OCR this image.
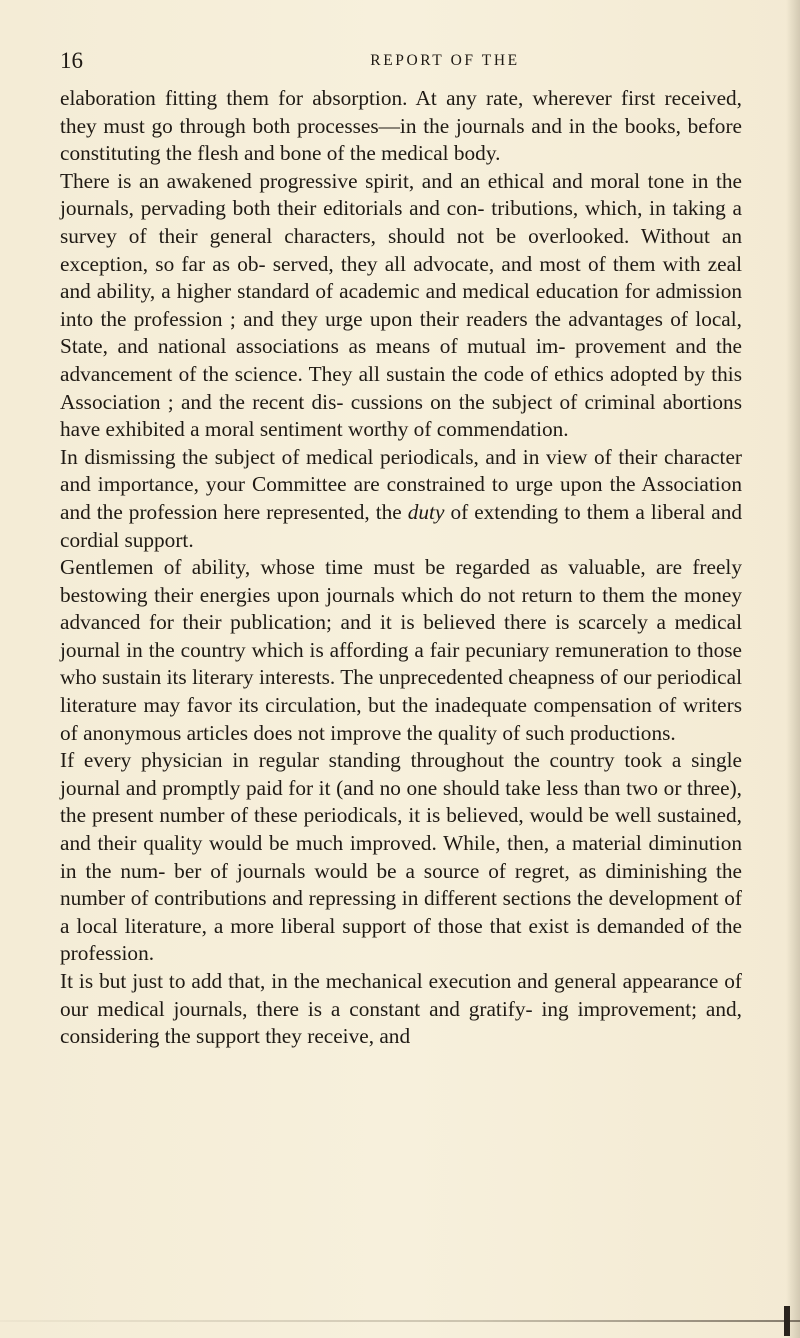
16	REPORT OF THE

elaboration fitting them for absorption. At any rate, wherever first received, they must go through both processes—in the journals and in the books, before constituting the flesh and bone of the medical body.

There is an awakened progressive spirit, and an ethical and moral tone in the journals, pervading both their editorials and con- tributions, which, in taking a survey of their general characters, should not be overlooked. Without an exception, so far as ob- served, they all advocate, and most of them with zeal and ability, a higher standard of academic and medical education for admission into the profession ; and they urge upon their readers the advantages of local, State, and national associations as means of mutual im- provement and the advancement of the science. They all sustain the code of ethics adopted by this Association ; and the recent dis- cussions on the subject of criminal abortions have exhibited a moral sentiment worthy of commendation.

In dismissing the subject of medical periodicals, and in view of their character and importance, your Committee are constrained to urge upon the Association and the profession here represented, the duty of extending to them a liberal and cordial support.

Gentlemen of ability, whose time must be regarded as valuable, are freely bestowing their energies upon journals which do not return to them the money advanced for their publication; and it is believed there is scarcely a medical journal in the country which is affording a fair pecuniary remuneration to those who sustain its literary interests. The unprecedented cheapness of our periodical literature may favor its circulation, but the inadequate compensation of writers of anonymous articles does not improve the quality of such productions.

If every physician in regular standing throughout the country took a single journal and promptly paid for it (and no one should take less than two or three), the present number of these periodicals, it is believed, would be well sustained, and their quality would be much improved. While, then, a material diminution in the num- ber of journals would be a source of regret, as diminishing the number of contributions and repressing in different sections the development of a local literature, a more liberal support of those that exist is demanded of the profession.

It is but just to add that, in the mechanical execution and general appearance of our medical journals, there is a constant and gratify- ing improvement; and, considering the support they receive, and
